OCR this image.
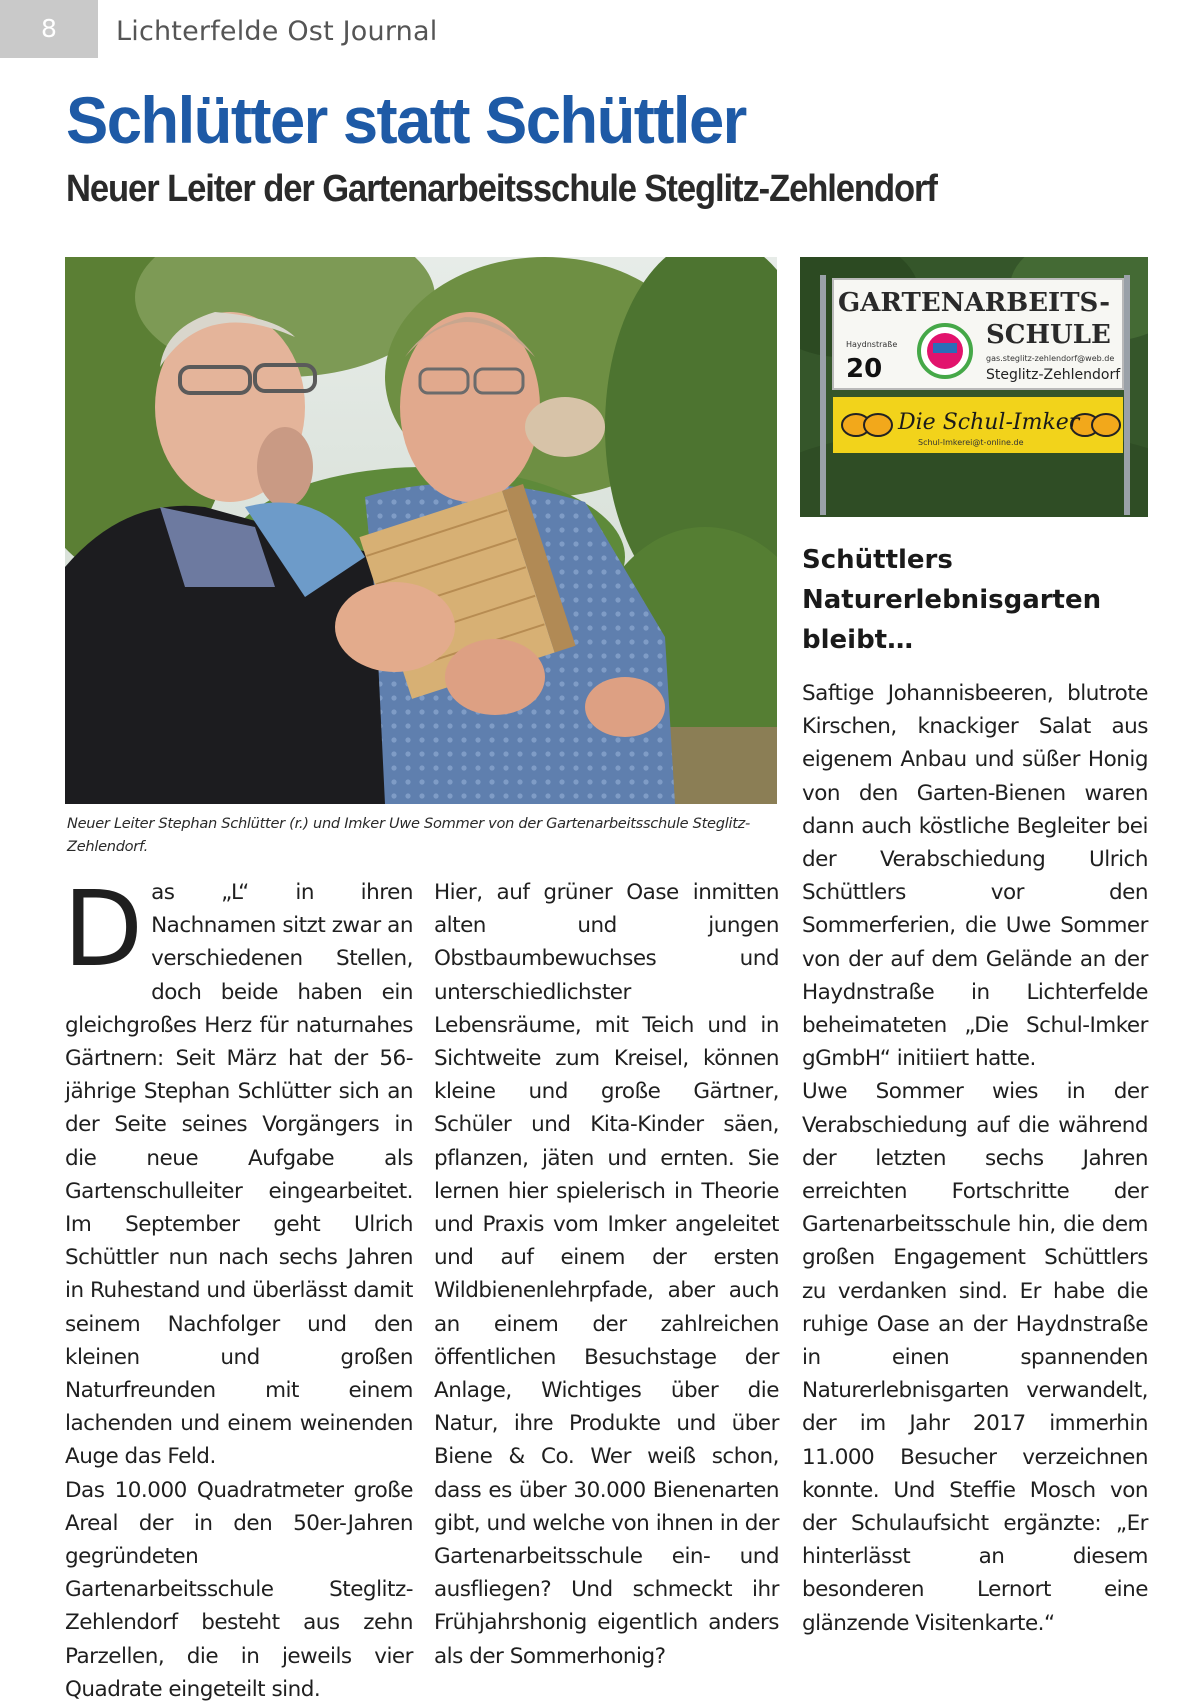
8	Lichterfelde Ost Journal
Schlütter statt Schüttler
Neuer Leiter der Gartenarbeitsschule Steglitz-Zehlendorf

Neuer Leiter Stephan Schlütter (r.) und Imker Uwe Sommer von der Gartenarbeitsschule Steglitz-Zehlendorf.

GARTENARBEITS-
SCHULE
Haydnstraße
20	gas.steglitz-zehlendorf@web.de
Steglitz-Zehlendorf
Die Schul-Imker
Schul-Imkerei@t-online.de
Schüttlers Naturerlebnisgarten bleibt…

Das „L“ in ihren Nachnamen sitzt zwar an verschiedenen Stellen, doch beide haben ein gleichgroßes Herz für naturnahes Gärtnern: Seit März hat der 56-jährige Stephan Schlütter sich an der Seite seines Vorgängers in die neue Aufgabe als Gartenschulleiter eingearbeitet. Im September geht Ulrich Schüttler nun nach sechs Jahren in Ruhestand und überlässt damit seinem Nachfolger und den kleinen und großen Naturfreunden mit einem lachenden und einem weinenden Auge das Feld.

Das 10.000 Quadratmeter große Areal der in den 50er-Jahren gegründeten Gartenarbeitsschule Steglitz-Zehlendorf besteht aus zehn Parzellen, die in jeweils vier Quadrate eingeteilt sind.

Hier, auf grüner Oase inmitten alten und jungen Obstbaumbewuchses und unterschiedlichster Lebensräume, mit Teich und in Sichtweite zum Kreisel, können kleine und große Gärtner, Schüler und Kita-Kinder säen, pflanzen, jäten und ernten. Sie lernen hier spielerisch in Theorie und Praxis vom Imker angeleitet und auf einem der ersten Wildbienenlehrpfade, aber auch an einem der zahlreichen öffentlichen Besuchstage der Anlage, Wichtiges über die Natur, ihre Produkte und über Biene & Co. Wer weiß schon, dass es über 30.000 Bienenarten gibt, und welche von ihnen in der Gartenarbeitsschule ein- und ausfliegen? Und schmeckt ihr Frühjahrshonig eigentlich anders als der Sommerhonig?

Saftige Johannisbeeren, blutrote Kirschen, knackiger Salat aus eigenem Anbau und süßer Honig von den Garten-Bienen waren dann auch köstliche Begleiter bei der Verabschiedung Ulrich Schüttlers vor den Sommerferien, die Uwe Sommer von der auf dem Gelände an der Haydnstraße in Lichterfelde beheimateten „Die Schul-Imker gGmbH“ initiiert hatte.

Uwe Sommer wies in der Verabschiedung auf die während der letzten sechs Jahren erreichten Fortschritte der Gartenarbeitsschule hin, die dem großen Engagement Schüttlers zu verdanken sind. Er habe die ruhige Oase an der Haydnstraße in einen spannenden Naturerlebnisgarten verwandelt, der im Jahr 2017 immerhin 11.000 Besucher verzeichnen konnte. Und Steffie Mosch von der Schulaufsicht ergänzte: „Er hinterlässt an diesem besonderen Lernort eine glänzende Visitenkarte.“
